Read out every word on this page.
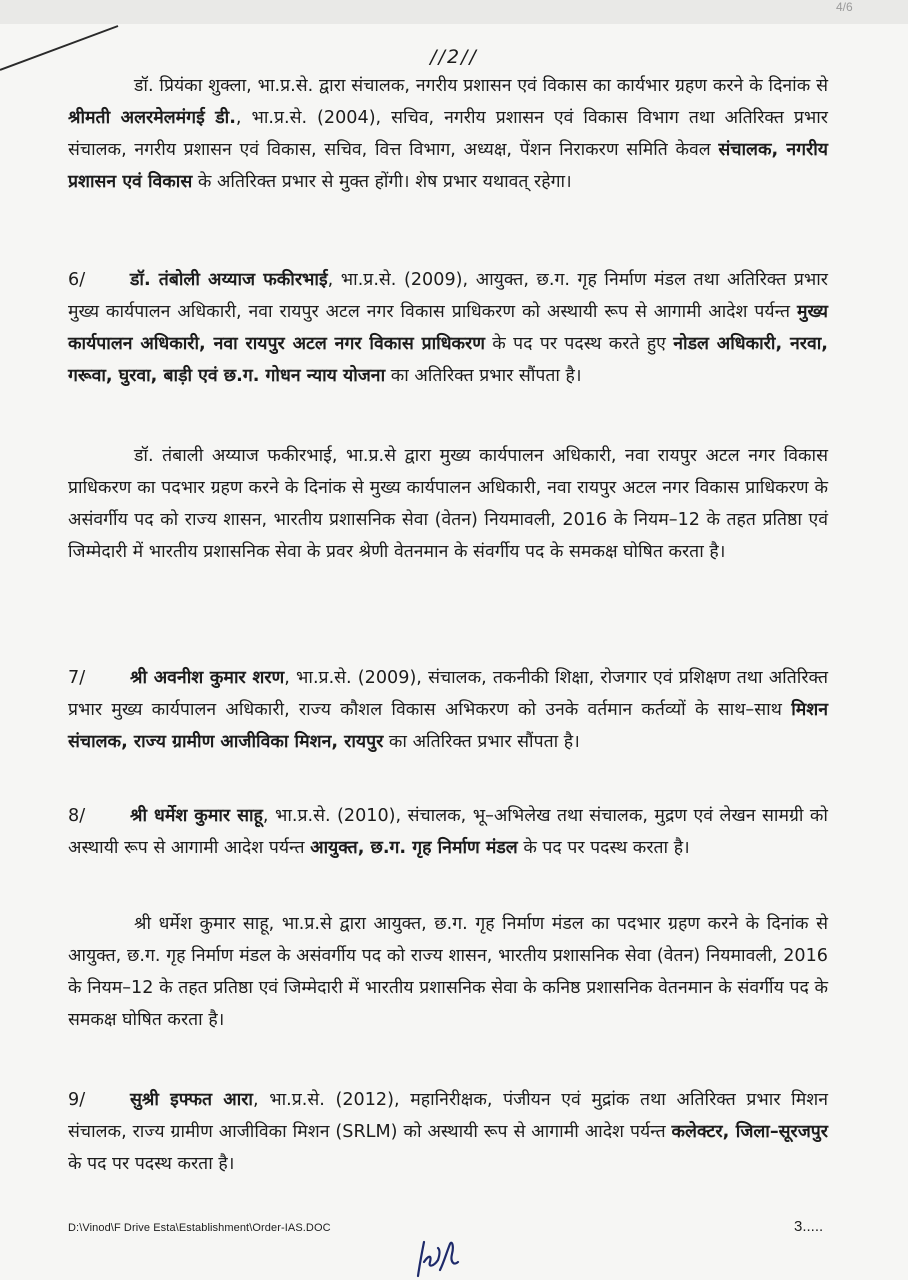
4/6
//2//

डॉ. प्रियंका शुक्ला, भा.प्र.से. द्वारा संचालक, नगरीय प्रशासन एवं विकास का कार्यभार ग्रहण करने के दिनांक से श्रीमती अलरमेलमंगई डी., भा.प्र.से. (2004), सचिव, नगरीय प्रशासन एवं विकास विभाग तथा अतिरिक्त प्रभार संचालक, नगरीय प्रशासन एवं विकास, सचिव, वित्त विभाग, अध्यक्ष, पेंशन निराकरण समिति केवल संचालक, नगरीय प्रशासन एवं विकास के अतिरिक्त प्रभार से मुक्त होंगी। शेष प्रभार यथावत् रहेगा।

6/	डॉ. तंबोली अय्याज फकीरभाई, भा.प्र.से. (2009), आयुक्त, छ.ग. गृह निर्माण मंडल तथा अतिरिक्त प्रभार मुख्य कार्यपालन अधिकारी, नवा रायपुर अटल नगर विकास प्राधिकरण को अस्थायी रूप से आगामी आदेश पर्यन्त मुख्य कार्यपालन अधिकारी, नवा रायपुर अटल नगर विकास प्राधिकरण के पद पर पदस्थ करते हुए नोडल अधिकारी, नरवा, गरूवा, घुरवा, बाड़ी एवं छ.ग. गोधन न्याय योजना का अतिरिक्त प्रभार सौंपता है।

डॉ. तंबाली अय्याज फकीरभाई, भा.प्र.से द्वारा मुख्य कार्यपालन अधिकारी, नवा रायपुर अटल नगर विकास प्राधिकरण का पदभार ग्रहण करने के दिनांक से मुख्य कार्यपालन अधिकारी, नवा रायपुर अटल नगर विकास प्राधिकरण के असंवर्गीय पद को राज्य शासन, भारतीय प्रशासनिक सेवा (वेतन) नियमावली, 2016 के नियम–12 के तहत प्रतिष्ठा एवं जिम्मेदारी में भारतीय प्रशासनिक सेवा के प्रवर श्रेणी वेतनमान के संवर्गीय पद के समकक्ष घोषित करता है।

7/	श्री अवनीश कुमार शरण, भा.प्र.से. (2009), संचालक, तकनीकी शिक्षा, रोजगार एवं प्रशिक्षण तथा अतिरिक्त प्रभार मुख्य कार्यपालन अधिकारी, राज्य कौशल विकास अभिकरण को उनके वर्तमान कर्तव्यों के साथ–साथ मिशन संचालक, राज्य ग्रामीण आजीविका मिशन, रायपुर का अतिरिक्त प्रभार सौंपता है।

8/	श्री धर्मेश कुमार साहू, भा.प्र.से. (2010), संचालक, भू–अभिलेख तथा संचालक, मुद्रण एवं लेखन सामग्री को अस्थायी रूप से आगामी आदेश पर्यन्त आयुक्त, छ.ग. गृह निर्माण मंडल के पद पर पदस्थ करता है।

श्री धर्मेश कुमार साहू, भा.प्र.से द्वारा आयुक्त, छ.ग. गृह निर्माण मंडल का पदभार ग्रहण करने के दिनांक से आयुक्त, छ.ग. गृह निर्माण मंडल के असंवर्गीय पद को राज्य शासन, भारतीय प्रशासनिक सेवा (वेतन) नियमावली, 2016 के नियम–12 के तहत प्रतिष्ठा एवं जिम्मेदारी में भारतीय प्रशासनिक सेवा के कनिष्ठ प्रशासनिक वेतनमान के संवर्गीय पद के समकक्ष घोषित करता है।

9/	सुश्री इफ्फत आरा, भा.प्र.से. (2012), महानिरीक्षक, पंजीयन एवं मुद्रांक तथा अतिरिक्त प्रभार मिशन संचालक, राज्य ग्रामीण आजीविका मिशन (SRLM) को अस्थायी रूप से आगामी आदेश पर्यन्त कलेक्टर, जिला–सूरजपुर के पद पर पदस्थ करता है।

D:\Vinod\F Drive Esta\Establishment\Order-IAS.DOC	3.....
